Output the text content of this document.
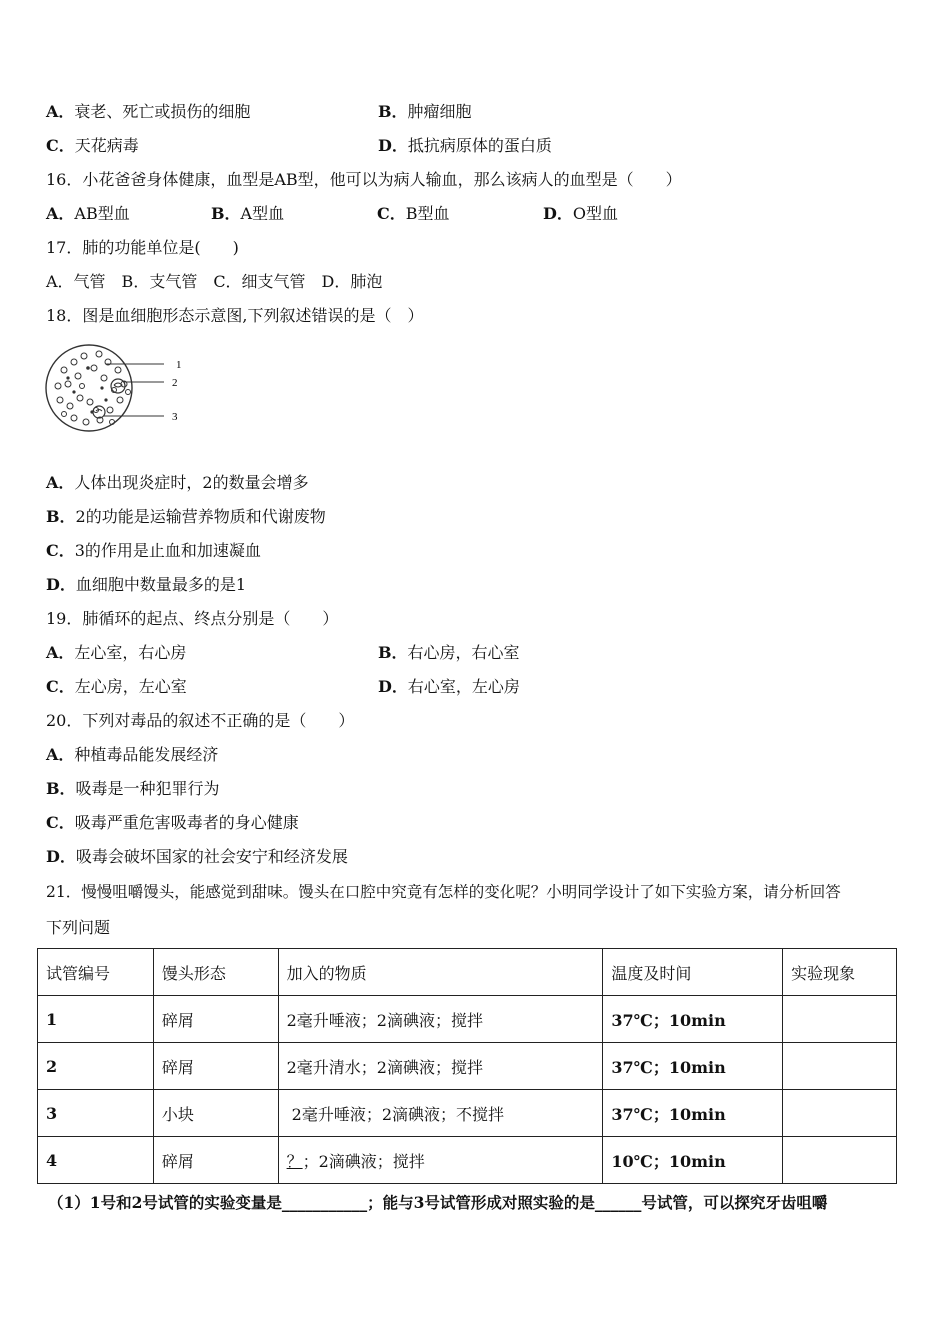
A．衰老、死亡或损伤的细胞	B．肿瘤细胞
C．天花病毒	D．抵抗病原体的蛋白质
16．小花爸爸身体健康，血型是AB型，他可以为病人输血，那么该病人的血型是（　　）
A．AB型血	B．A型血	C．B型血	D．O型血
17．肺的功能单位是(　　)
A．气管　B．支气管　C．细支气管　D．肺泡
18．图是血细胞形态示意图,下列叙述错误的是（　）
1
2
3
A．人体出现炎症时，2的数量会增多
B．2的功能是运输营养物质和代谢废物
C．3的作用是止血和加速凝血
D．血细胞中数量最多的是1
19．肺循环的起点、终点分别是（　　）
A．左心室，右心房	B．右心房，右心室
C．左心房，左心室	D．右心室，左心房
20．下列对毒品的叙述不正确的是（　　）
A．种植毒品能发展经济
B．吸毒是一种犯罪行为
C．吸毒严重危害吸毒者的身心健康
D．吸毒会破坏国家的社会安宁和经济发展
21．慢慢咀嚼馒头，能感觉到甜味。馒头在口腔中究竟有怎样的变化呢？小明同学设计了如下实验方案，请分析回答
下列问题
试管编号	馒头形态	加入的物质	温度及时间	实验现象
1	碎屑	2毫升唾液；2滴碘液；搅拌	37℃；10min	
2	碎屑	2毫升清水；2滴碘液；搅拌	37℃；10min	
3	小块	2毫升唾液；2滴碘液；不搅拌	37℃；10min	
4	碎屑	？；2滴碘液；搅拌	10℃；10min	
（1）1号和2号试管的实验变量是___________；能与3号试管形成对照实验的是______号试管，可以探究牙齿咀嚼
